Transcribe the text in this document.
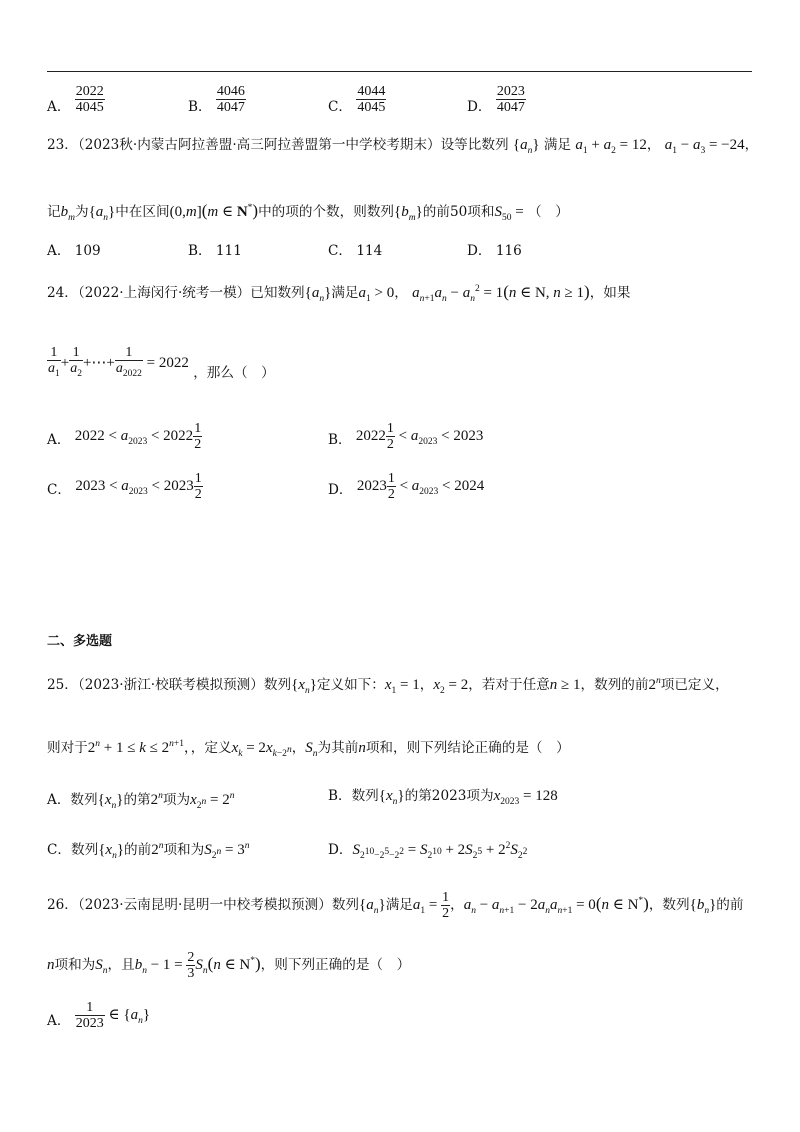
A． $\frac{2022}{4045}$	B． $\frac{4046}{4047}$	C． $\frac{4044}{4045}$	D． $\frac{2023}{4047}$
23．（2023秋·内蒙古阿拉善盟·高三阿拉善盟第一中学校考期末）设等比数列 $\{a_n\}$ 满足 $a_1 + a_2 = 12$， $a_1 - a_3 = -24$，
记$b_m$为$\{a_n\}$中在区间(0,m](m ∈ N*)中的项的个数，则数列$\{b_m\}$的前50项和$S_{50}$ = （　）
A． 109	B． 111	C． 114	D． 116
24．（2022·上海闵行·统考一模）已知数列$\{a_n\}$满足$a_1 > 0$， $a_{n+1}a_n - a_n^2 = 1(n$ ∈ N, n ≥ 1)，如果
$\frac{1}{a_1} + \frac{1}{a_2}$ +⋯+ $\frac{1}{a_{2022}} = 2022$ ，那么（　）
A． $2022 < a_{2023} < 2022 \frac{1}{2}$	B． $2022 \frac{1}{2} < a_{2023} < 2023$
C． $2023 < a_{2023} < 2023 \frac{1}{2}$	D． $2023 \frac{1}{2} < a_{2023} < 2024$
二、多选题
25．（2023·浙江·校联考模拟预测）数列$\{x_n\}$定义如下：$x_1 = 1$，$x_2 = 2$，若对于任意n ≥ 1，数列的前2$^n$项已定义，
则对于$2^n + 1 \le k \le 2^{n+1}$，，定义$x_k = 2x_{k-2^n}$，$S_n$为其前n项和，则下列结论正确的是（　）
A．数列$\{x_n\}$的第2$^n$项为$x_{2^n} = 2^n$	B．数列$\{x_n\}$的第2023项为$x_{2023} = 128$
C．数列$\{x_n\}$的前2$^n$项和为$S_{2^n} = 3^n$	D．$S_{2^{10}-2^5-2^2} = S_{2^{10}} + 2S_{2^5} + 2^2S_{2^2}$
26．（2023·云南昆明·昆明一中校考模拟预测）数列$\{a_n\}$满足$a_1 = \frac{1}{2}$ ，$a_n - a_{n+1} - 2a_na_{n+1} = 0(n$ ∈ N*)，数列$\{b_n\}$的前
n项和为$S_n$，且$b_n - 1 = \frac{2}{3} S_n(n$ ∈ N*)，则下列正确的是（　）
A． $\frac{1}{2023}$ ∈ $\{a_n\}$
